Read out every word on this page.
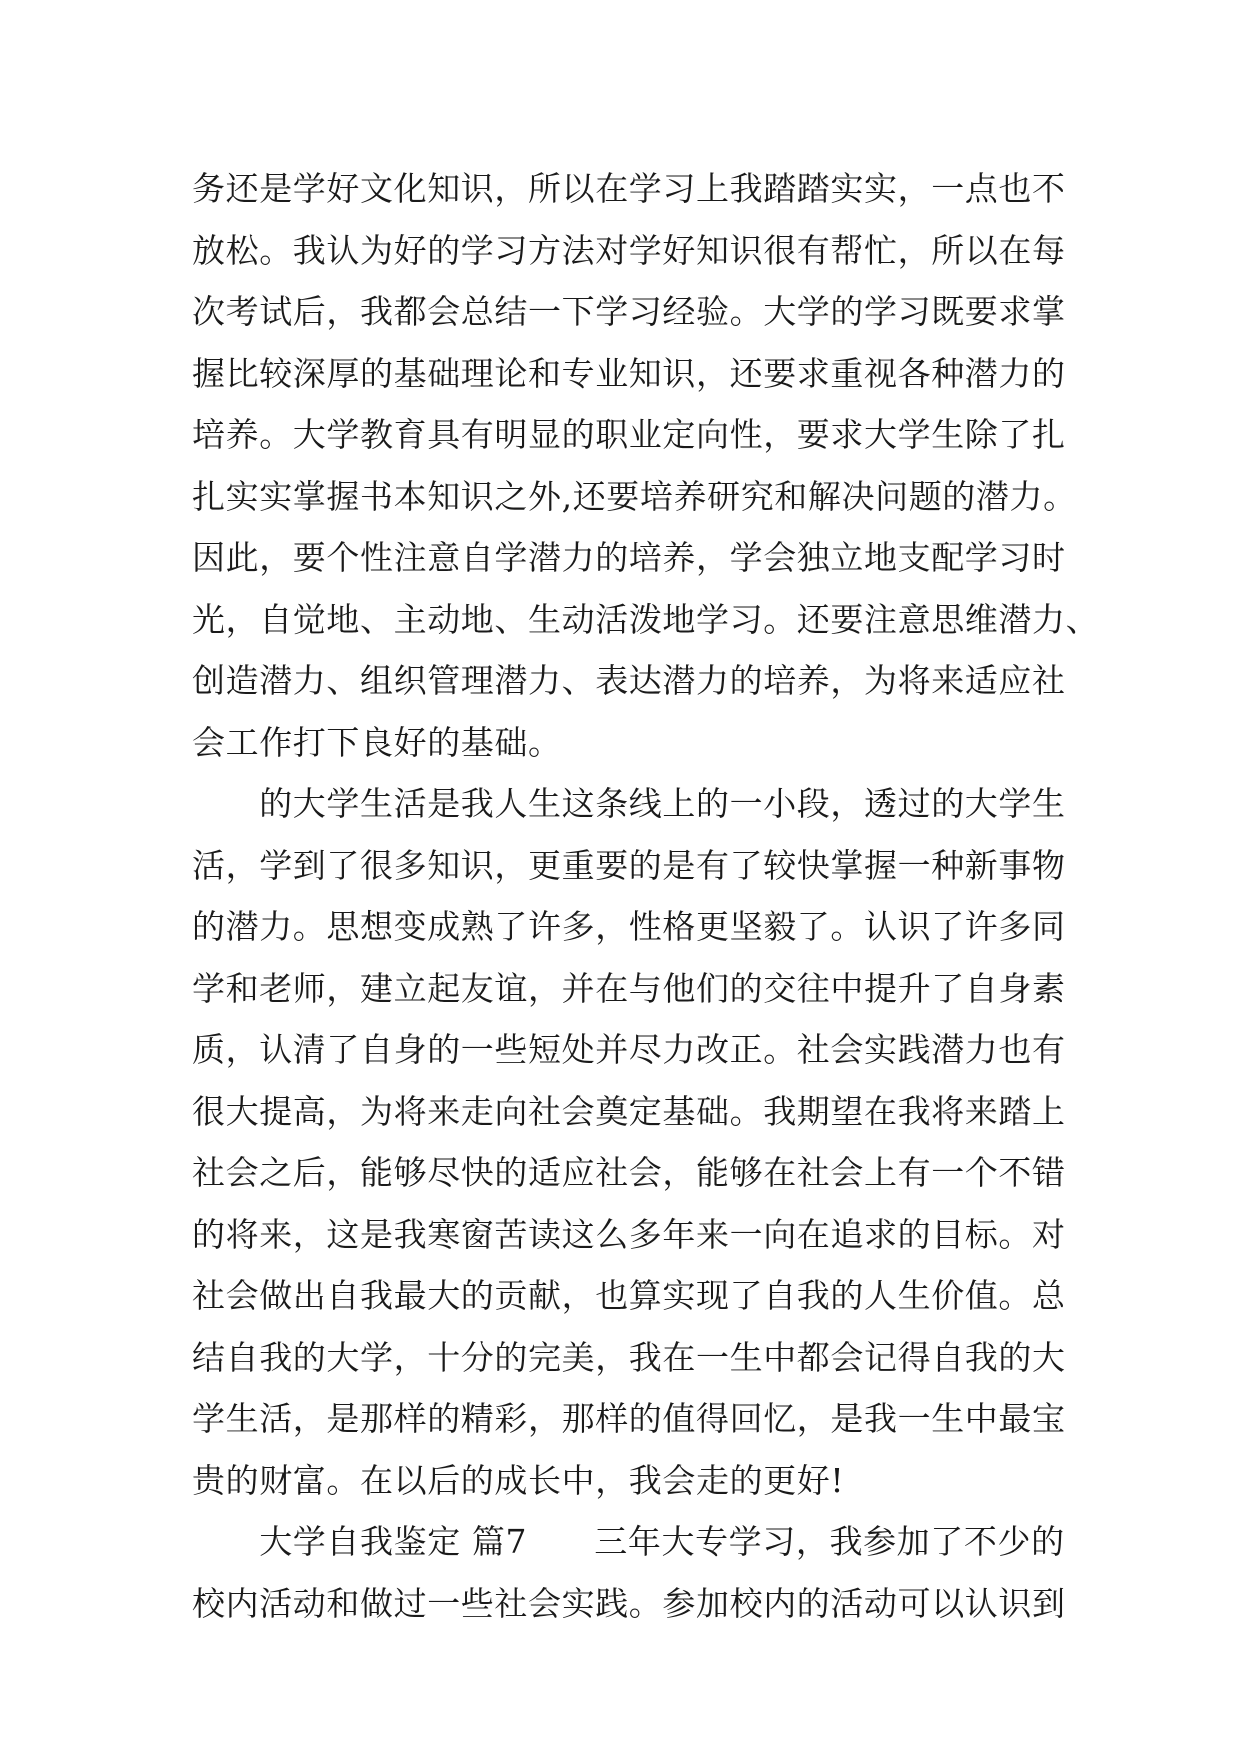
务还是学好文化知识，所以在学习上我踏踏实实，一点也不
放松。我认为好的学习方法对学好知识很有帮忙，所以在每
次考试后，我都会总结一下学习经验。大学的学习既要求掌
握比较深厚的基础理论和专业知识，还要求重视各种潜力的
培养。大学教育具有明显的职业定向性，要求大学生除了扎
扎实实掌握书本知识之外,还要培养研究和解决问题的潜力。
因此，要个性注意自学潜力的培养，学会独立地支配学习时
光，自觉地、主动地、生动活泼地学习。还要注意思维潜力、
创造潜力、组织管理潜力、表达潜力的培养，为将来适应社
会工作打下良好的基础。
　　的大学生活是我人生这条线上的一小段，透过的大学生
活，学到了很多知识，更重要的是有了较快掌握一种新事物
的潜力。思想变成熟了许多，性格更坚毅了。认识了许多同
学和老师，建立起友谊，并在与他们的交往中提升了自身素
质，认清了自身的一些短处并尽力改正。社会实践潜力也有
很大提高，为将来走向社会奠定基础。我期望在我将来踏上
社会之后，能够尽快的适应社会，能够在社会上有一个不错
的将来，这是我寒窗苦读这么多年来一向在追求的目标。对
社会做出自我最大的贡献，也算实现了自我的人生价值。总
结自我的大学，十分的完美，我在一生中都会记得自我的大
学生活，是那样的精彩，那样的值得回忆，是我一生中最宝
贵的财富。在以后的成长中，我会走的更好!
　　大学自我鉴定 篇7　　三年大专学习，我参加了不少的
校内活动和做过一些社会实践。参加校内的活动可以认识到
